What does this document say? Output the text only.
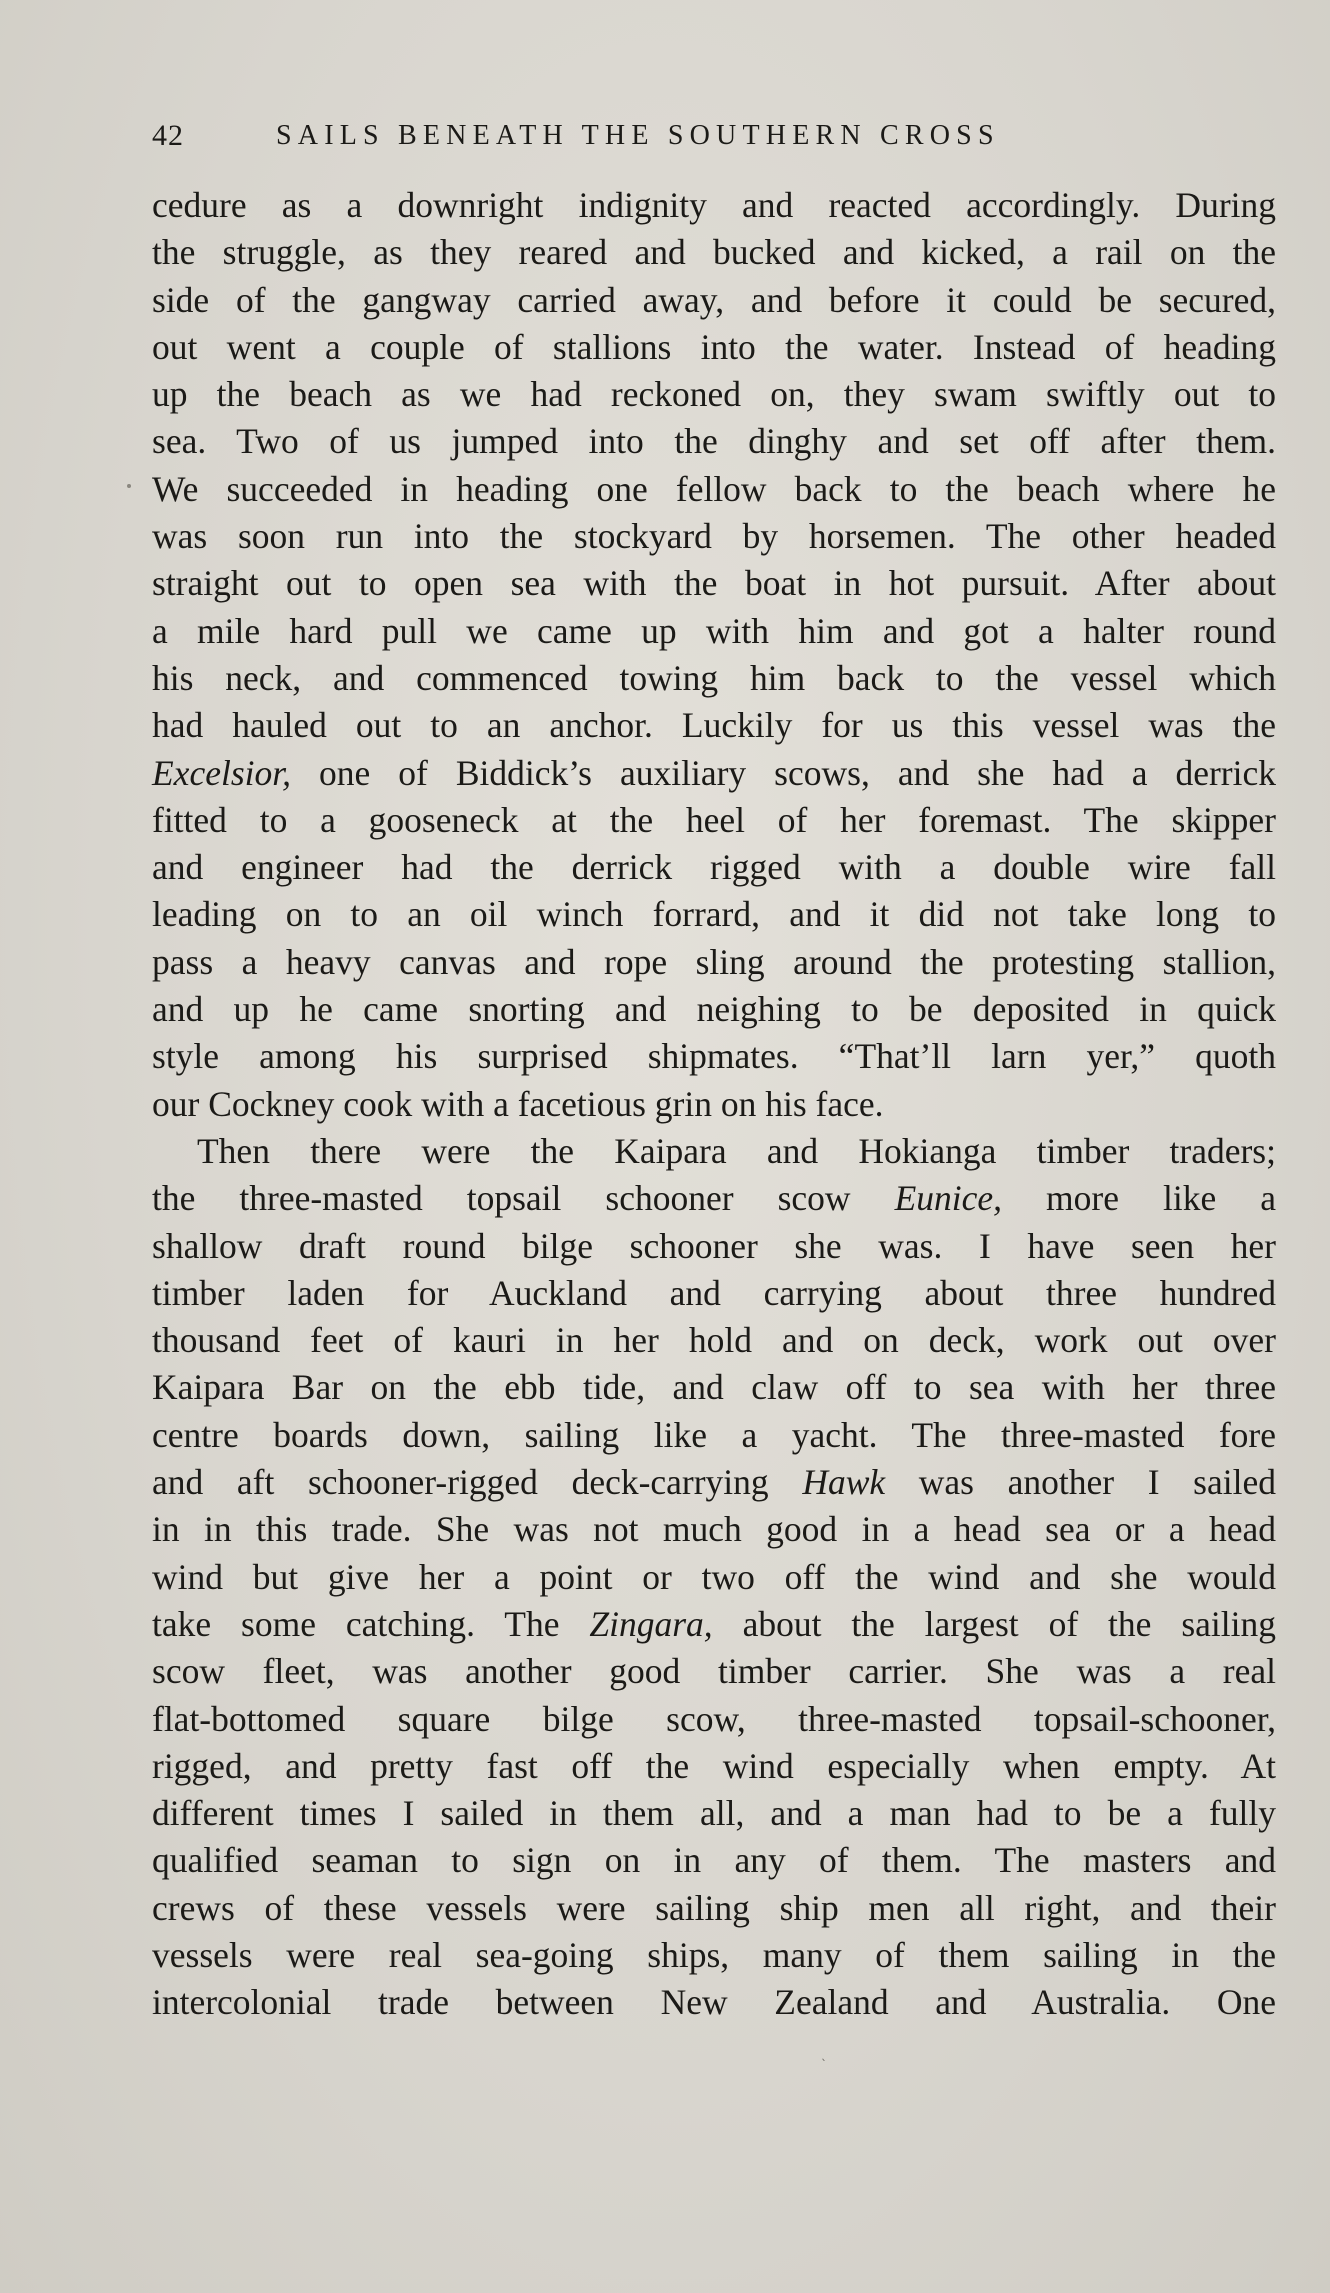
42	SAILS BENEATH THE SOUTHERN CROSS
cedure as a downright indignity and reacted accordingly. During
the struggle, as they reared and bucked and kicked, a rail on the
side of the gangway carried away, and before it could be secured,
out went a couple of stallions into the water. Instead of heading
up the beach as we had reckoned on, they swam swiftly out to
sea. Two of us jumped into the dinghy and set off after them.
We succeeded in heading one fellow back to the beach where he
was soon run into the stockyard by horsemen. The other headed
straight out to open sea with the boat in hot pursuit. After about
a mile hard pull we came up with him and got a halter round
his neck, and commenced towing him back to the vessel which
had hauled out to an anchor. Luckily for us this vessel was the
Excelsior, one of Biddick’s auxiliary scows, and she had a derrick
fitted to a gooseneck at the heel of her foremast. The skipper
and engineer had the derrick rigged with a double wire fall
leading on to an oil winch forrard, and it did not take long to
pass a heavy canvas and rope sling around the protesting stallion,
and up he came snorting and neighing to be deposited in quick
style among his surprised shipmates. “That’ll larn yer,” quoth
our Cockney cook with a facetious grin on his face.
Then there were the Kaipara and Hokianga timber traders;
the three-masted topsail schooner scow Eunice, more like a
shallow draft round bilge schooner she was. I have seen her
timber laden for Auckland and carrying about three hundred
thousand feet of kauri in her hold and on deck, work out over
Kaipara Bar on the ebb tide, and claw off to sea with her three
centre boards down, sailing like a yacht. The three-masted fore
and aft schooner-rigged deck-carrying Hawk was another I sailed
in in this trade. She was not much good in a head sea or a head
wind but give her a point or two off the wind and she would
take some catching. The Zingara, about the largest of the sailing
scow fleet, was another good timber carrier. She was a real
flat-bottomed square bilge scow, three-masted topsail-schooner,
rigged, and pretty fast off the wind especially when empty. At
different times I sailed in them all, and a man had to be a fully
qualified seaman to sign on in any of them. The masters and
crews of these vessels were sailing ship men all right, and their
vessels were real sea-going ships, many of them sailing in the
intercolonial trade between New Zealand and Australia. One
ˎ
